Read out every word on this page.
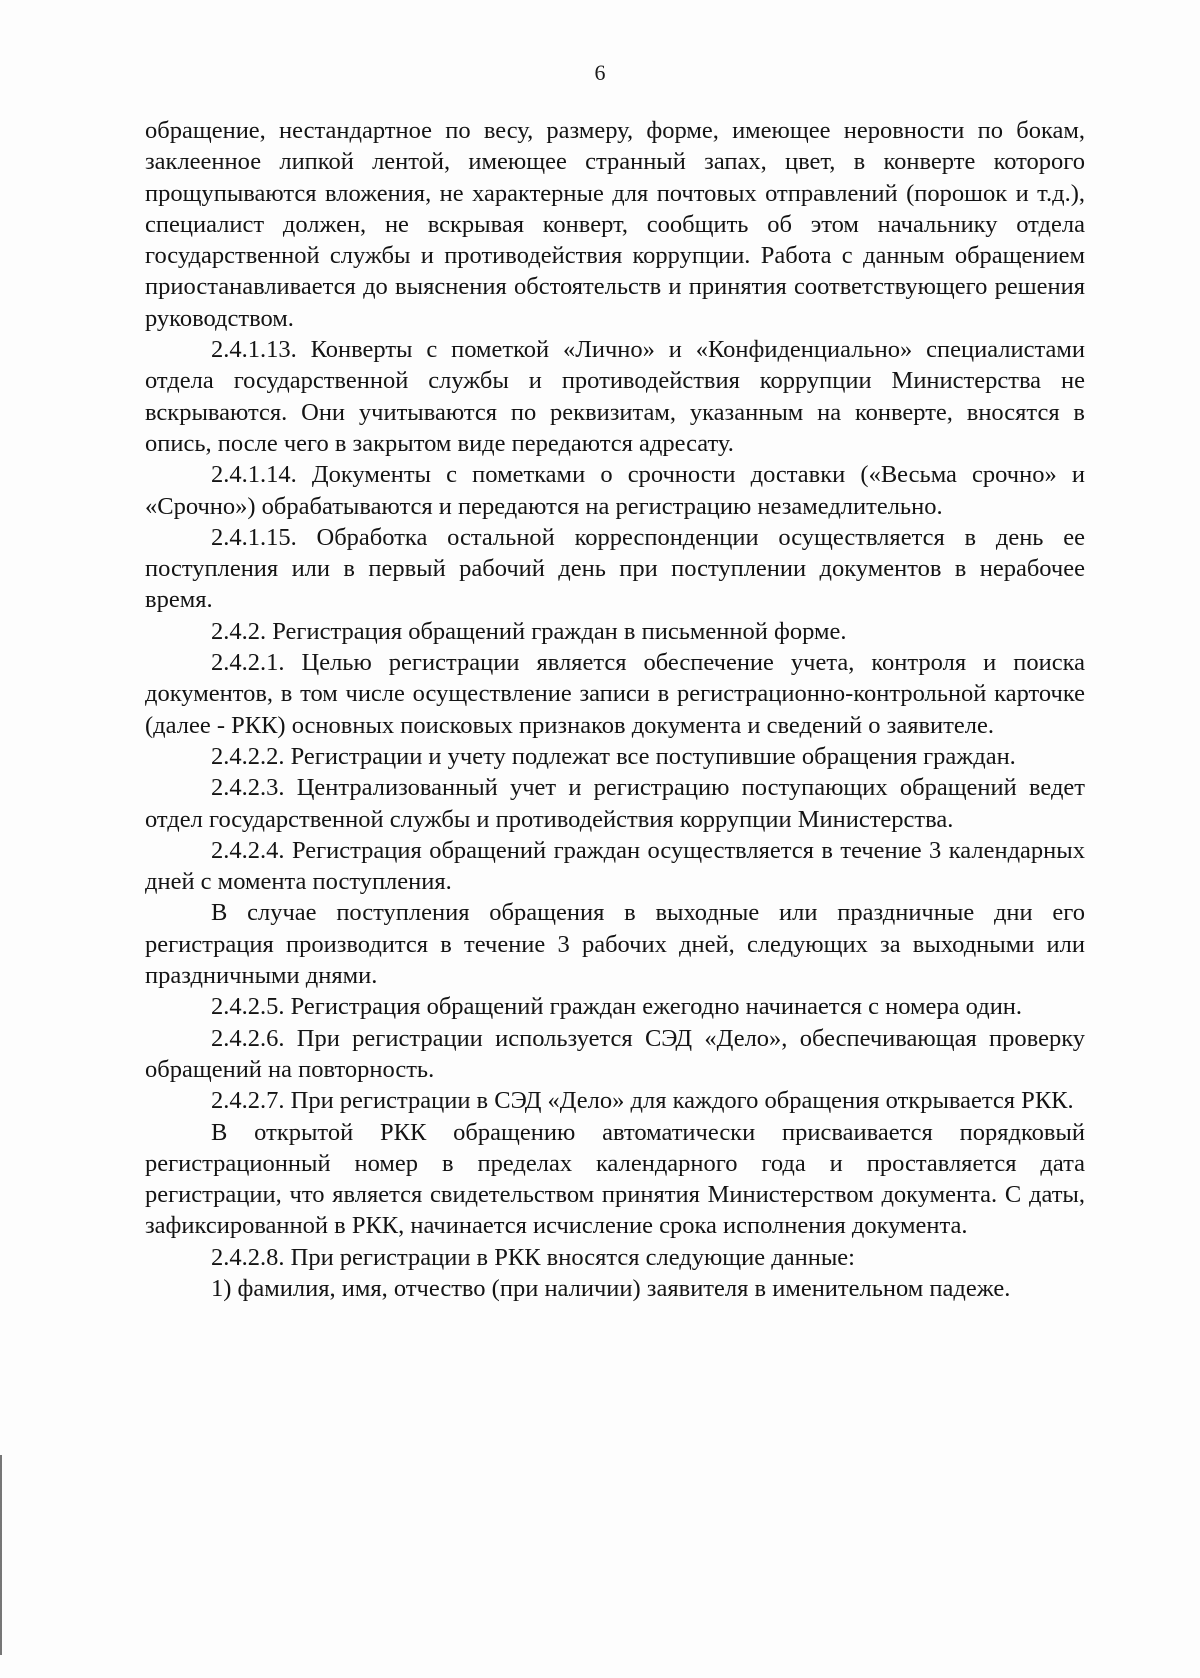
6

обращение, нестандартное по весу, размеру, форме, имеющее неровности по бокам, заклеенное липкой лентой, имеющее странный запах, цвет, в конверте которого прощупываются вложения, не характерные для почтовых отправлений (порошок и т.д.), специалист должен, не вскрывая конверт, сообщить об этом начальнику отдела государственной службы и противодействия коррупции. Работа с данным обращением приостанавливается до выяснения обстоятельств и принятия соответствующего решения руководством.

2.4.1.13. Конверты с пометкой «Лично» и «Конфиденциально» специалистами отдела государственной службы и противодействия коррупции Министерства не вскрываются. Они учитываются по реквизитам, указанным на конверте, вносятся в опись, после чего в закрытом виде передаются адресату.

2.4.1.14. Документы с пометками о срочности доставки («Весьма срочно» и «Срочно») обрабатываются и передаются на регистрацию незамедлительно.

2.4.1.15. Обработка остальной корреспонденции осуществляется в день ее поступления или в первый рабочий день при поступлении документов в нерабочее время.

2.4.2. Регистрация обращений граждан в письменной форме.

2.4.2.1. Целью регистрации является обеспечение учета, контроля и поиска документов, в том числе осуществление записи в регистрационно-контрольной карточке (далее - РКК) основных поисковых признаков документа и сведений о заявителе.

2.4.2.2. Регистрации и учету подлежат все поступившие обращения граждан.

2.4.2.3. Централизованный учет и регистрацию поступающих обращений ведет отдел государственной службы и противодействия коррупции Министерства.

2.4.2.4. Регистрация обращений граждан осуществляется в течение 3 календарных дней с момента поступления.

В случае поступления обращения в выходные или праздничные дни его регистрация производится в течение 3 рабочих дней, следующих за выходными или праздничными днями.

2.4.2.5. Регистрация обращений граждан ежегодно начинается с номера один.

2.4.2.6. При регистрации используется СЭД «Дело», обеспечивающая проверку обращений на повторность.

2.4.2.7. При регистрации в СЭД «Дело» для каждого обращения открывается РКК.

В открытой РКК обращению автоматически присваивается порядковый регистрационный номер в пределах календарного года и проставляется дата регистрации, что является свидетельством принятия Министерством документа. С даты, зафиксированной в РКК, начинается исчисление срока исполнения документа.

2.4.2.8. При регистрации в РКК вносятся следующие данные:

1) фамилия, имя, отчество (при наличии) заявителя в именительном падеже.
